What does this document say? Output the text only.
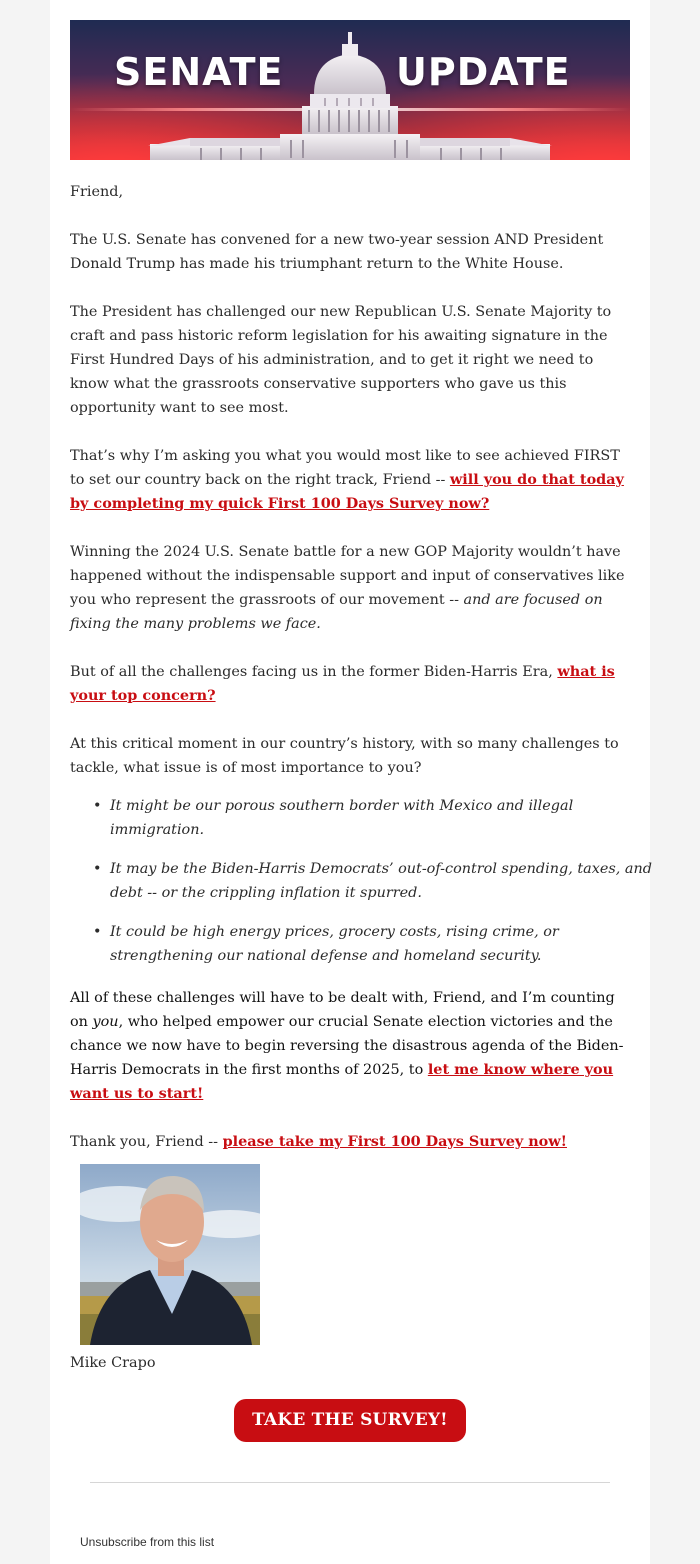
SENATE	UPDATE

Friend,

The U.S. Senate has convened for a new two-year session AND President Donald Trump has made his triumphant return to the White House.

The President has challenged our new Republican U.S. Senate Majority to craft and pass historic reform legislation for his awaiting signature in the First Hundred Days of his administration, and to get it right we need to know what the grassroots conservative supporters who gave us this opportunity want to see most.

That’s why I’m asking you what you would most like to see achieved FIRST to set our country back on the right track, Friend -- will you do that today by completing my quick First 100 Days Survey now?

Winning the 2024 U.S. Senate battle for a new GOP Majority wouldn’t have happened without the indispensable support and input of conservatives like you who represent the grassroots of our movement -- and are focused on fixing the many problems we face.

But of all the challenges facing us in the former Biden-Harris Era, what is your top concern?

At this critical moment in our country’s history, with so many challenges to tackle, what issue is of most importance to you?

• It might be our porous southern border with Mexico and illegal immigration.
• It may be the Biden-Harris Democrats’ out-of-control spending, taxes, and debt -- or the crippling inflation it spurred.
• It could be high energy prices, grocery costs, rising crime, or strengthening our national defense and homeland security.

All of these challenges will have to be dealt with, Friend, and I’m counting on you, who helped empower our crucial Senate election victories and the chance we now have to begin reversing the disastrous agenda of the Biden-Harris Democrats in the first months of 2025, to let me know where you want us to start!

Thank you, Friend -- please take my First 100 Days Survey now!

Mike Crapo
TAKE THE SURVEY!
Unsubscribe from this list
